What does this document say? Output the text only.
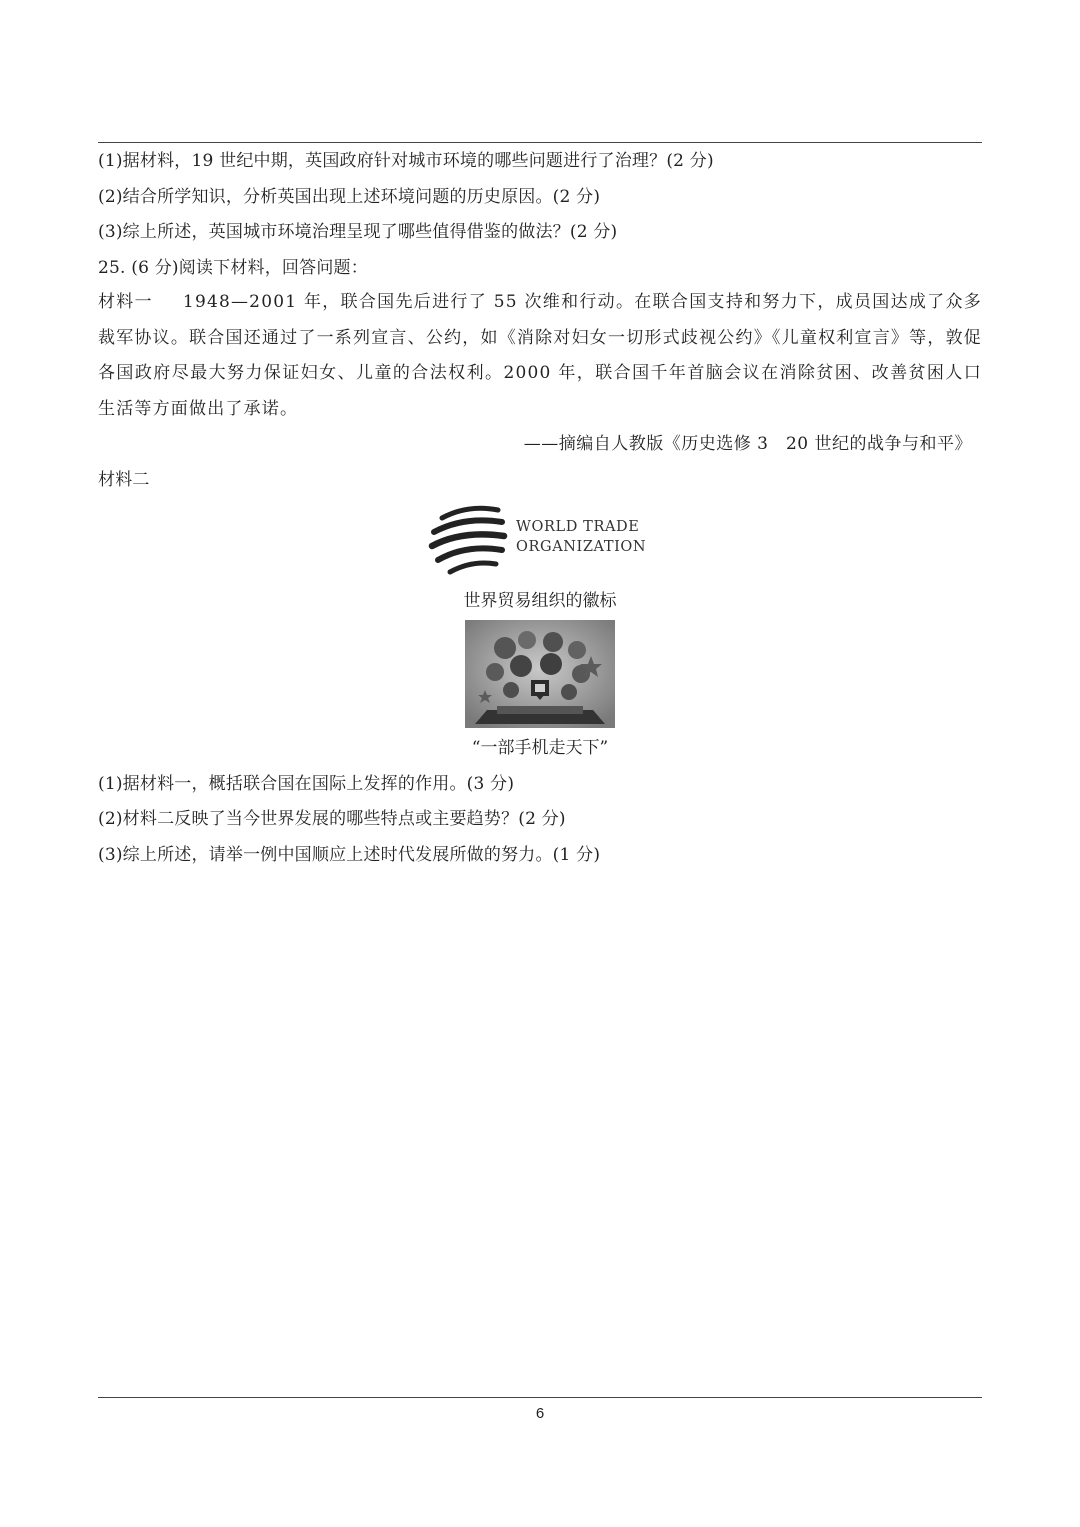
(1)据材料，19 世纪中期，英国政府针对城市环境的哪些问题进行了治理？(2 分)
(2)结合所学知识，分析英国出现上述环境问题的历史原因。(2 分)
(3)综上所述，英国城市环境治理呈现了哪些值得借鉴的做法？(2 分)
25. (6 分)阅读下材料，回答问题：
材料一 1948—2001 年，联合国先后进行了 55 次维和行动。在联合国支持和努力下，成员国达成了众多裁军协议。联合国还通过了一系列宣言、公约，如《消除对妇女一切形式歧视公约》《儿童权利宣言》等，敦促各国政府尽最大努力保证妇女、儿童的合法权利。2000 年，联合国千年首脑会议在消除贫困、改善贫困人口生活等方面做出了承诺。
——摘编自人教版《历史选修 3　20 世纪的战争与和平》
材料二
WORLD TRADE
ORGANIZATION
世界贸易组织的徽标
“一部手机走天下”
(1)据材料一，概括联合国在国际上发挥的作用。(3 分)
(2)材料二反映了当今世界发展的哪些特点或主要趋势？(2 分)
(3)综上所述，请举一例中国顺应上述时代发展所做的努力。(1 分)
6
